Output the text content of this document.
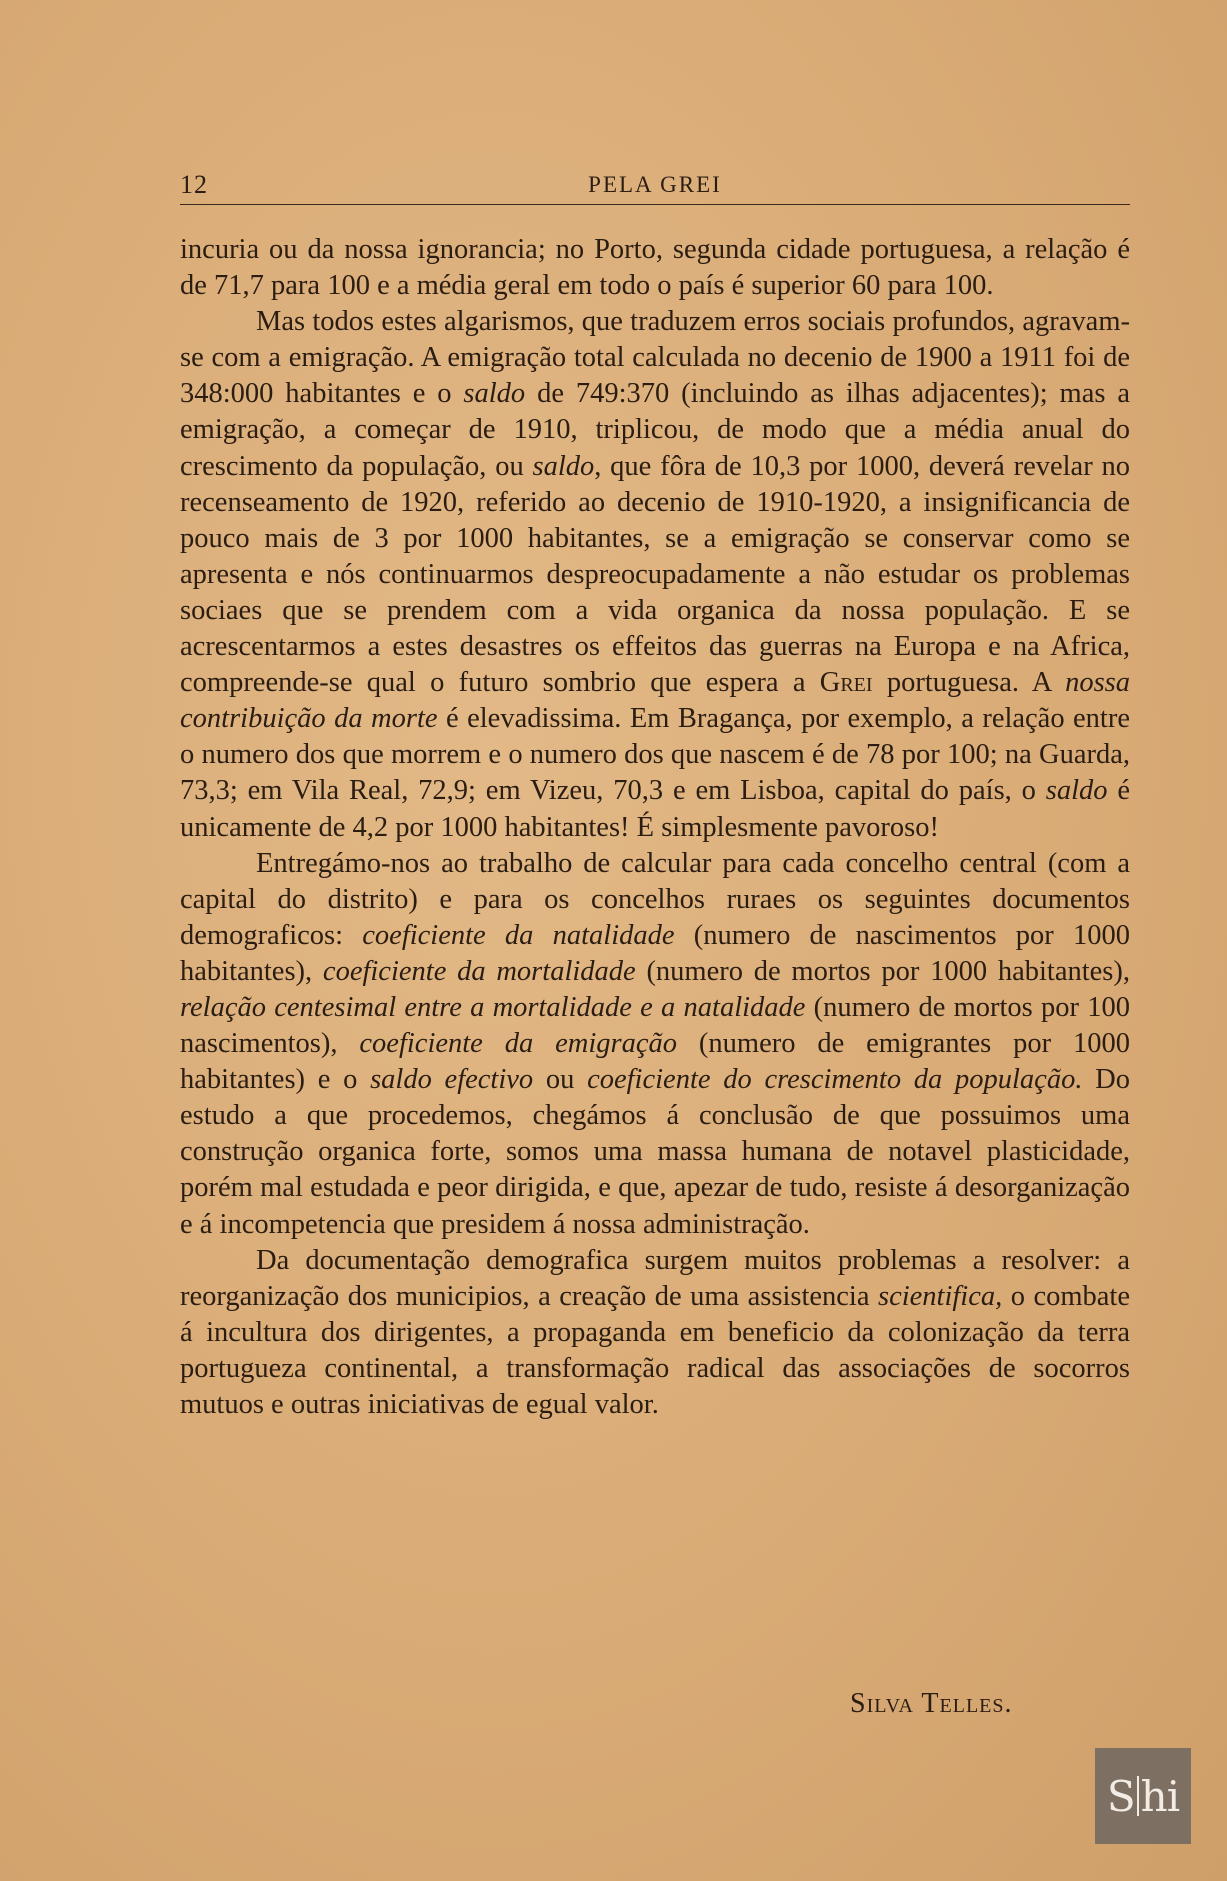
12	PELA GREI

incuria ou da nossa ignorancia; no Porto, segunda cidade portuguesa, a relação é de 71,7 para 100 e a média geral em todo o país é superior 60 para 100.

Mas todos estes algarismos, que traduzem erros sociais profundos, agravam-se com a emigração. A emigração total calculada no decenio de 1900 a 1911 foi de 348:000 habitantes e o saldo de 749:370 (incluindo as ilhas adjacentes); mas a emigração, a começar de 1910, triplicou, de modo que a média anual do crescimento da população, ou saldo, que fôra de 10,3 por 1000, deverá revelar no recenseamento de 1920, referido ao decenio de 1910-1920, a insignificancia de pouco mais de 3 por 1000 habitantes, se a emigração se conservar como se apresenta e nós continuarmos despreocupadamente a não estudar os problemas sociaes que se prendem com a vida organica da nossa população. E se acrescentarmos a estes desastres os effeitos das guerras na Europa e na Africa, compreende-se qual o futuro sombrio que espera a Grei portuguesa. A nossa contribuição da morte é elevadissima. Em Bragança, por exemplo, a relação entre o numero dos que morrem e o numero dos que nascem é de 78 por 100; na Guarda, 73,3; em Vila Real, 72,9; em Vizeu, 70,3 e em Lisboa, capital do país, o saldo é unicamente de 4,2 por 1000 habitantes! É simplesmente pavoroso!

Entregámo-nos ao trabalho de calcular para cada concelho central (com a capital do distrito) e para os concelhos ruraes os seguintes documentos demograficos: coeficiente da natalidade (numero de nascimentos por 1000 habitantes), coeficiente da mortalidade (numero de mortos por 1000 habitantes), relação centesimal entre a mortalidade e a natalidade (numero de mortos por 100 nascimentos), coeficiente da emigração (numero de emigrantes por 1000 habitantes) e o saldo efectivo ou coeficiente do crescimento da população. Do estudo a que procedemos, chegámos á conclusão de que possuimos uma construção organica forte, somos uma massa humana de notavel plasticidade, porém mal estudada e peor dirigida, e que, apezar de tudo, resiste á desorganização e á incompetencia que presidem á nossa administração.

Da documentação demografica surgem muitos problemas a resolver: a reorganização dos municipios, a creação de uma assistencia scientifica, o combate á incultura dos dirigentes, a propaganda em beneficio da colonização da terra portugueza continental, a transformação radical das associações de socorros mutuos e outras iniciativas de egual valor.

Silva Telles.
S hi
